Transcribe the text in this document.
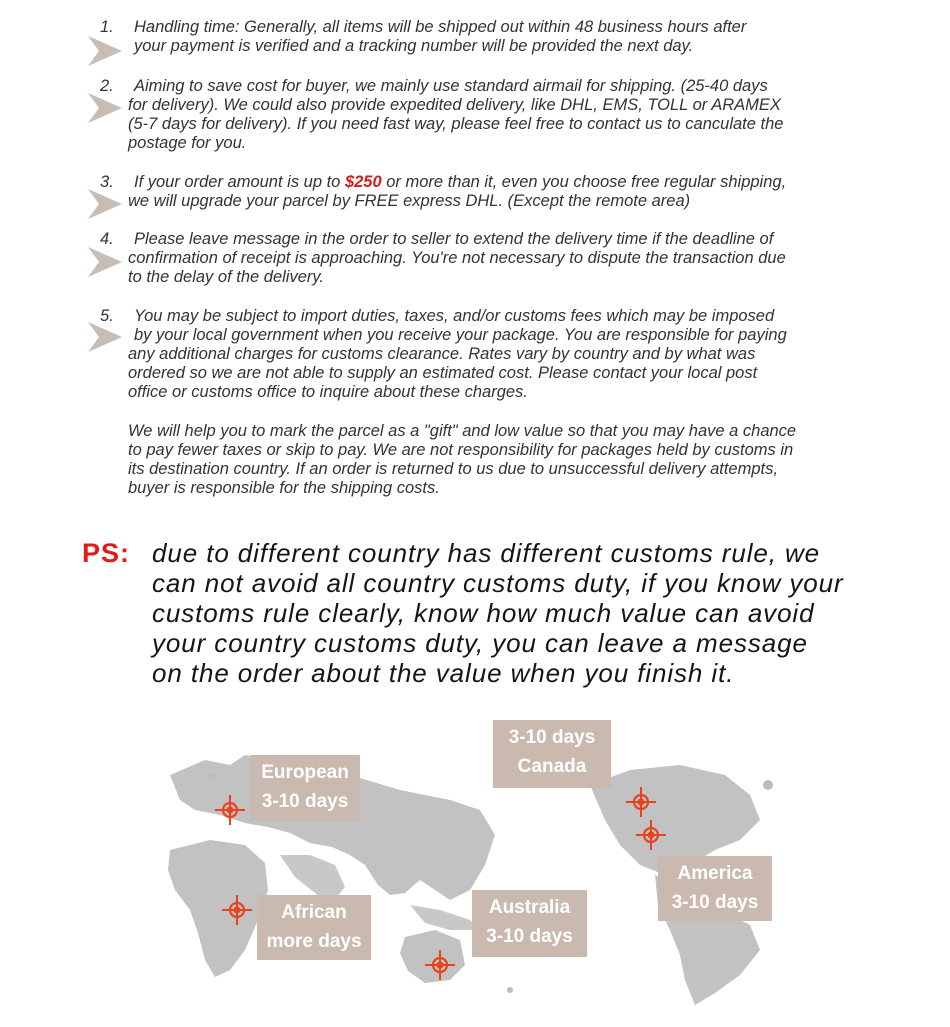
1. Handling time: Generally, all items will be shipped out within 48 business hours after
your payment is verified and a tracking number will be provided the next day.
2. Aiming to save cost for buyer, we mainly use standard airmail for shipping. (25-40 days
for delivery). We could also provide expedited delivery, like DHL, EMS, TOLL or ARAMEX
(5-7 days for delivery). If you need fast way, please feel free to contact us to canculate the
postage for you.
3. If your order amount is up to $250 or more than it, even you choose free regular shipping,
we will upgrade your parcel by FREE express DHL. (Except the remote area)
4. Please leave message in the order to seller to extend the delivery time if the deadline of
confirmation of receipt is approaching. You're not necessary to dispute the transaction due
to the delay of the delivery.
5. You may be subject to import duties, taxes, and/or customs fees which may be imposed
by your local government when you receive your package. You are responsible for paying
any additional charges for customs clearance. Rates vary by country and by what was
ordered so we are not able to supply an estimated cost. Please contact your local post
office or customs office to inquire about these charges.
We will help you to mark the parcel as a "gift" and low value so that you may have a chance
to pay fewer taxes or skip to pay. We are not responsibility for packages held by customs in
its destination country. If an order is returned to us due to unsuccessful delivery attempts,
buyer is responsible for the shipping costs.
PS: due to different country has different customs rule, we
can not avoid all country customs duty, if you know your
customs rule clearly, know how much value can avoid
your country customs duty, you can leave a message
on the order about the value when you finish it.
European
3-10 days
3-10 days
Canada
African
more days
Australia
3-10 days
America
3-10 days
